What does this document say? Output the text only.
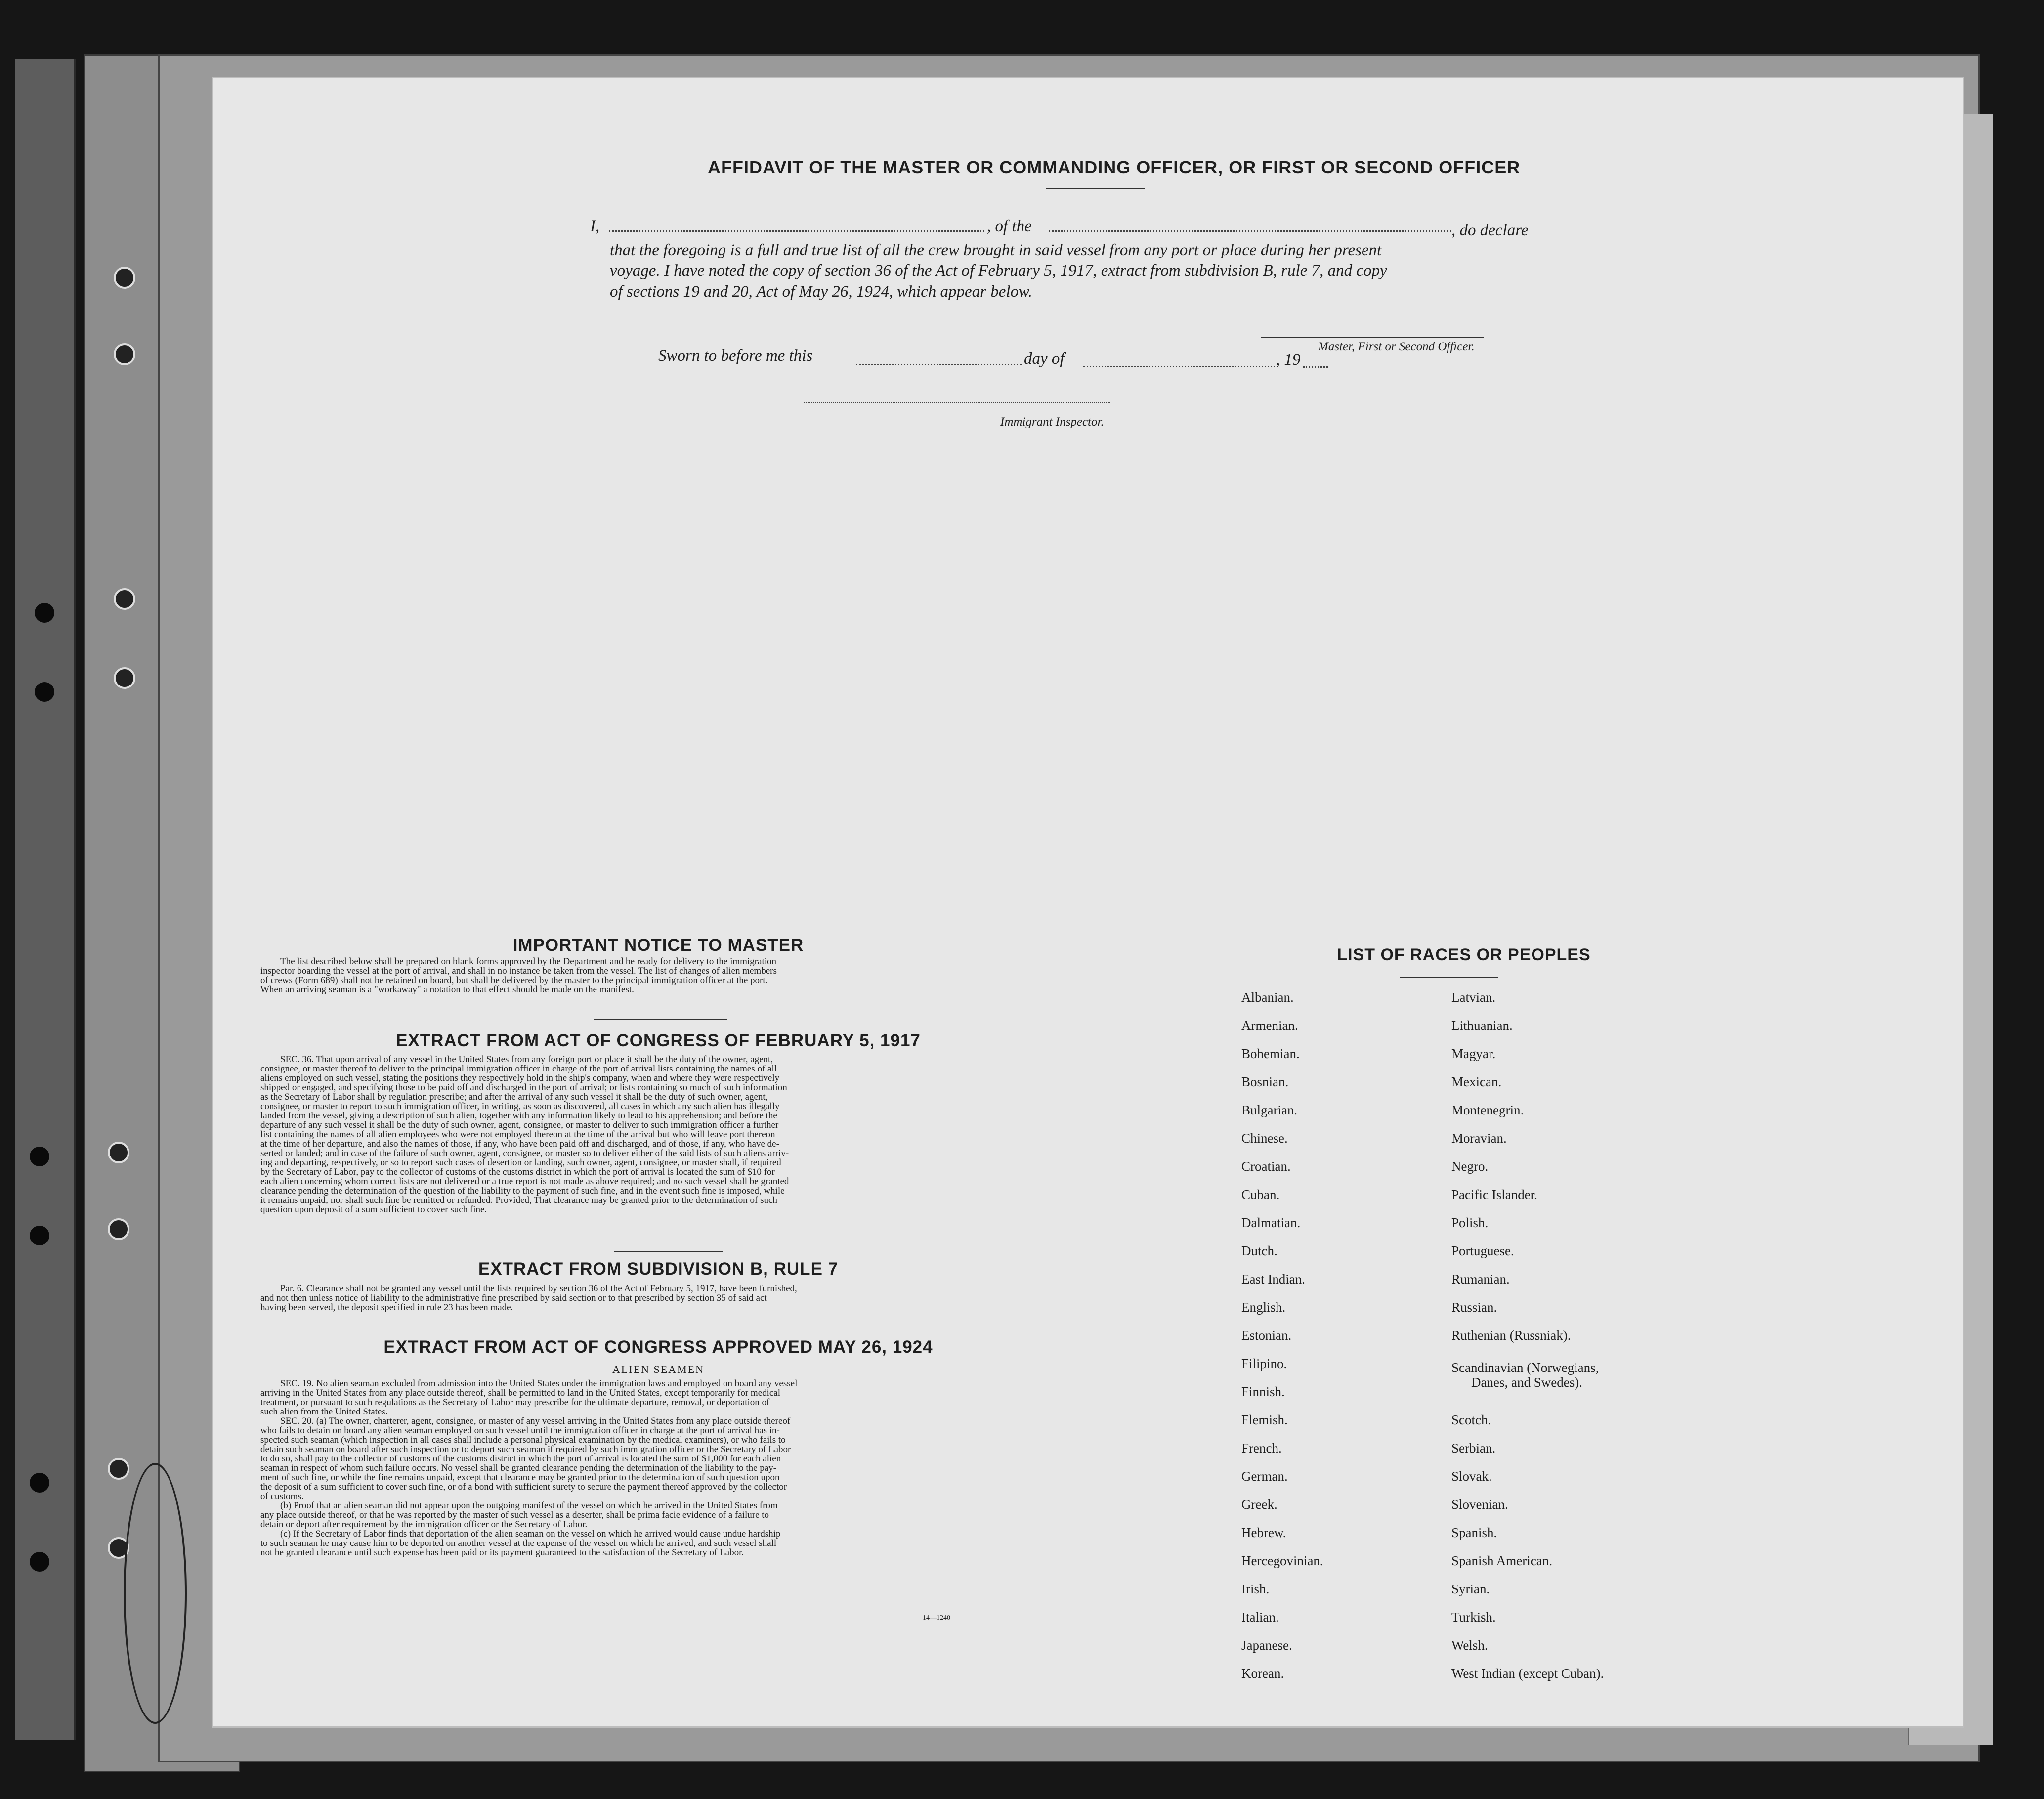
AFFIDAVIT OF THE MASTER OR COMMANDING OFFICER, OR FIRST OR SECOND OFFICER
I,	, of the	, do declare
that the foregoing is a full and true list of all the crew brought in said vessel from any port or place during her present
voyage. I have noted the copy of section 36 of the Act of February 5, 1917, extract from subdivision B, rule 7, and copy
of sections 19 and 20, Act of May 26, 1924, which appear below.
Master, First or Second Officer.
Sworn to before me this	day of	, 19
Immigrant Inspector.
IMPORTANT NOTICE TO MASTER
The list described below shall be prepared on blank forms approved by the Department and be ready for delivery to the immigration
inspector boarding the vessel at the port of arrival, and shall in no instance be taken from the vessel. The list of changes of alien members
of crews (Form 689) shall not be retained on board, but shall be delivered by the master to the principal immigration officer at the port.
When an arriving seaman is a "workaway" a notation to that effect should be made on the manifest.
EXTRACT FROM ACT OF CONGRESS OF FEBRUARY 5, 1917
SEC. 36. That upon arrival of any vessel in the United States from any foreign port or place it shall be the duty of the owner, agent,
consignee, or master thereof to deliver to the principal immigration officer in charge of the port of arrival lists containing the names of all
aliens employed on such vessel, stating the positions they respectively hold in the ship's company, when and where they were respectively
shipped or engaged, and specifying those to be paid off and discharged in the port of arrival; or lists containing so much of such information
as the Secretary of Labor shall by regulation prescribe; and after the arrival of any such vessel it shall be the duty of such owner, agent,
consignee, or master to report to such immigration officer, in writing, as soon as discovered, all cases in which any such alien has illegally
landed from the vessel, giving a description of such alien, together with any information likely to lead to his apprehension; and before the
departure of any such vessel it shall be the duty of such owner, agent, consignee, or master to deliver to such immigration officer a further
list containing the names of all alien employees who were not employed thereon at the time of the arrival but who will leave port thereon
at the time of her departure, and also the names of those, if any, who have been paid off and discharged, and of those, if any, who have de-
serted or landed; and in case of the failure of such owner, agent, consignee, or master so to deliver either of the said lists of such aliens arriv-
ing and departing, respectively, or so to report such cases of desertion or landing, such owner, agent, consignee, or master shall, if required
by the Secretary of Labor, pay to the collector of customs of the customs district in which the port of arrival is located the sum of $10 for
each alien concerning whom correct lists are not delivered or a true report is not made as above required; and no such vessel shall be granted
clearance pending the determination of the question of the liability to the payment of such fine, and in the event such fine is imposed, while
it remains unpaid; nor shall such fine be remitted or refunded: Provided, That clearance may be granted prior to the determination of such
question upon deposit of a sum sufficient to cover such fine.
EXTRACT FROM SUBDIVISION B, RULE 7
Par. 6. Clearance shall not be granted any vessel until the lists required by section 36 of the Act of February 5, 1917, have been furnished,
and not then unless notice of liability to the administrative fine prescribed by said section or to that prescribed by section 35 of said act
having been served, the deposit specified in rule 23 has been made.
EXTRACT FROM ACT OF CONGRESS APPROVED MAY 26, 1924
ALIEN SEAMEN
SEC. 19. No alien seaman excluded from admission into the United States under the immigration laws and employed on board any vessel
arriving in the United States from any place outside thereof, shall be permitted to land in the United States, except temporarily for medical
treatment, or pursuant to such regulations as the Secretary of Labor may prescribe for the ultimate departure, removal, or deportation of
such alien from the United States.
SEC. 20. (a) The owner, charterer, agent, consignee, or master of any vessel arriving in the United States from any place outside thereof
who fails to detain on board any alien seaman employed on such vessel until the immigration officer in charge at the port of arrival has in-
spected such seaman (which inspection in all cases shall include a personal physical examination by the medical examiners), or who fails to
detain such seaman on board after such inspection or to deport such seaman if required by such immigration officer or the Secretary of Labor
to do so, shall pay to the collector of customs of the customs district in which the port of arrival is located the sum of $1,000 for each alien
seaman in respect of whom such failure occurs. No vessel shall be granted clearance pending the determination of the liability to the pay-
ment of such fine, or while the fine remains unpaid, except that clearance may be granted prior to the determination of such question upon
the deposit of a sum sufficient to cover such fine, or of a bond with sufficient surety to secure the payment thereof approved by the collector
of customs.
(b) Proof that an alien seaman did not appear upon the outgoing manifest of the vessel on which he arrived in the United States from
any place outside thereof, or that he was reported by the master of such vessel as a deserter, shall be prima facie evidence of a failure to
detain or deport after requirement by the immigration officer or the Secretary of Labor.
(c) If the Secretary of Labor finds that deportation of the alien seaman on the vessel on which he arrived would cause undue hardship
to such seaman he may cause him to be deported on another vessel at the expense of the vessel on which he arrived, and such vessel shall
not be granted clearance until such expense has been paid or its payment guaranteed to the satisfaction of the Secretary of Labor.
14—1240
LIST OF RACES OR PEOPLES
Albanian.
Armenian.
Bohemian.
Bosnian.
Bulgarian.
Chinese.
Croatian.
Cuban.
Dalmatian.
Dutch.
East Indian.
English.
Estonian.
Filipino.
Finnish.
Flemish.
French.
German.
Greek.
Hebrew.
Hercegovinian.
Irish.
Italian.
Japanese.
Korean.
Latvian.
Lithuanian.
Magyar.
Mexican.
Montenegrin.
Moravian.
Negro.
Pacific Islander.
Polish.
Portuguese.
Rumanian.
Russian.
Ruthenian (Russniak).
Scandinavian (Norwegians,
Danes, and Swedes).
Scotch.
Serbian.
Slovak.
Slovenian.
Spanish.
Spanish American.
Syrian.
Turkish.
Welsh.
West Indian (except Cuban).
